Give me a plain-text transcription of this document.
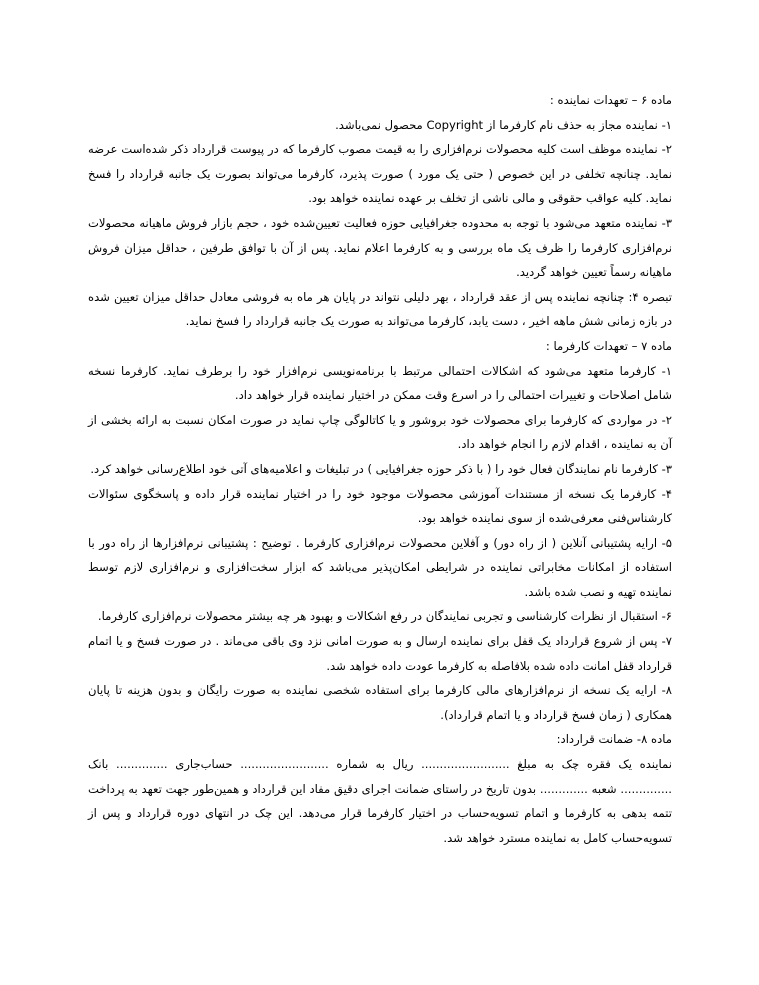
ماده ۶ – تعهدات نماینده :

۱- نماینده مجاز به حذف نام کارفرما از Copyright محصول نمی‌باشد.

۲- نماینده موظف است کلیه محصولات نرم‌افزاری را به قیمت مصوب کارفرما که در پیوست قرارداد ذکر شده‌است عرضه نماید. چنانچه تخلفی در این خصوص ( حتی یک مورد ) صورت پذیرد، کارفرما می‌تواند بصورت یک جانبه قرارداد را فسخ نماید. کلیه عواقب حقوقی و مالی ناشی از تخلف بر عهده نماینده خواهد بود.

۳- نماینده متعهد می‌شود با توجه به محدوده جغرافیایی حوزه فعالیت تعیین‌شده خود ، حجم بازار فروش ماهیانه محصولات نرم‌افزاری کارفرما را ظرف یک ماه بررسی و به کارفرما اعلام نماید. پس از آن با توافق طرفین ، حداقل میزان فروش ماهیانه رسماً تعیین خواهد گردید.

تبصره ۴: چنانچه نماینده پس از عقد قرارداد ، بهر دلیلی نتواند در پایان هر ماه به فروشی معادل حداقل میزان تعیین شده در بازه زمانی شش ماهه اخیر ، دست یابد، کارفرما می‌تواند به صورت یک جانبه قرارداد را فسخ نماید.

ماده ۷ – تعهدات کارفرما :

۱- کارفرما متعهد می‌شود که اشکالات احتمالی مرتبط با برنامه‌نویسی نرم‌افزار خود را برطرف نماید. کارفرما نسخه شامل اصلاحات و تغییرات احتمالی را در اسرع وقت ممکن در اختیار نماینده قرار خواهد داد.

۲- در مواردی که کارفرما برای محصولات خود بروشور و یا کاتالوگی چاپ نماید در صورت امکان نسبت به ارائه بخشی از آن به نماینده ، اقدام لازم را انجام خواهد داد.

۳- کارفرما نام نمایندگان فعال خود را ( با ذکر حوزه جغرافیایی ) در تبلیغات و اعلامیه‌های آتی خود اطلاع‌رسانی خواهد کرد.

۴- کارفرما یک نسخه از مستندات آموزشی محصولات موجود خود را در اختیار نماینده قرار داده و پاسخگوی سئوالات کارشناس‌فنی معرفی‌شده از سوی نماینده خواهد بود.

۵- ارایه پشتیبانی آنلاین ( از راه دور) و آفلاین محصولات نرم‌افزاری کارفرما . توضیح : پشتیبانی نرم‌افزارها از راه دور با استفاده از امکانات مخابراتی نماینده در شرایطی امکان‌پذیر می‌باشد که ابزار سخت‌افزاری و نرم‌افزاری لازم توسط نماینده تهیه و نصب شده باشد.

۶- استقبال از نظرات کارشناسی و تجربی نمایندگان در رفع اشکالات و بهبود هر چه بیشتر محصولات نرم‌افزاری کارفرما.

۷- پس از شروع قرارداد یک قفل برای نماینده ارسال و به صورت امانی نزد وی باقی می‌ماند . در صورت فسخ و یا اتمام قرارداد قفل امانت داده شده بلافاصله به کارفرما عودت داده خواهد شد.

۸- ارایه یک نسخه از نرم‌افزارهای مالی کارفرما برای استفاده شخصی نماینده به صورت رایگان و بدون هزینه تا پایان همکاری ( زمان فسخ قرارداد و یا اتمام قرارداد).

ماده ۸- ضمانت قرارداد:

نماینده یک فقره چک به مبلغ ........................ ریال به شماره ........................ حساب‌جاری .............. بانک .............. شعبه ............. بدون تاریخ در راستای ضمانت اجرای دقیق مفاد این قرارداد و همین‌طور جهت تعهد به پرداخت تتمه بدهی به کارفرما و اتمام تسویه‌حساب در اختیار کارفرما قرار می‌دهد. این چک در انتهای دوره قرارداد و پس از تسویه‌حساب کامل به نماینده مسترد خواهد شد.
